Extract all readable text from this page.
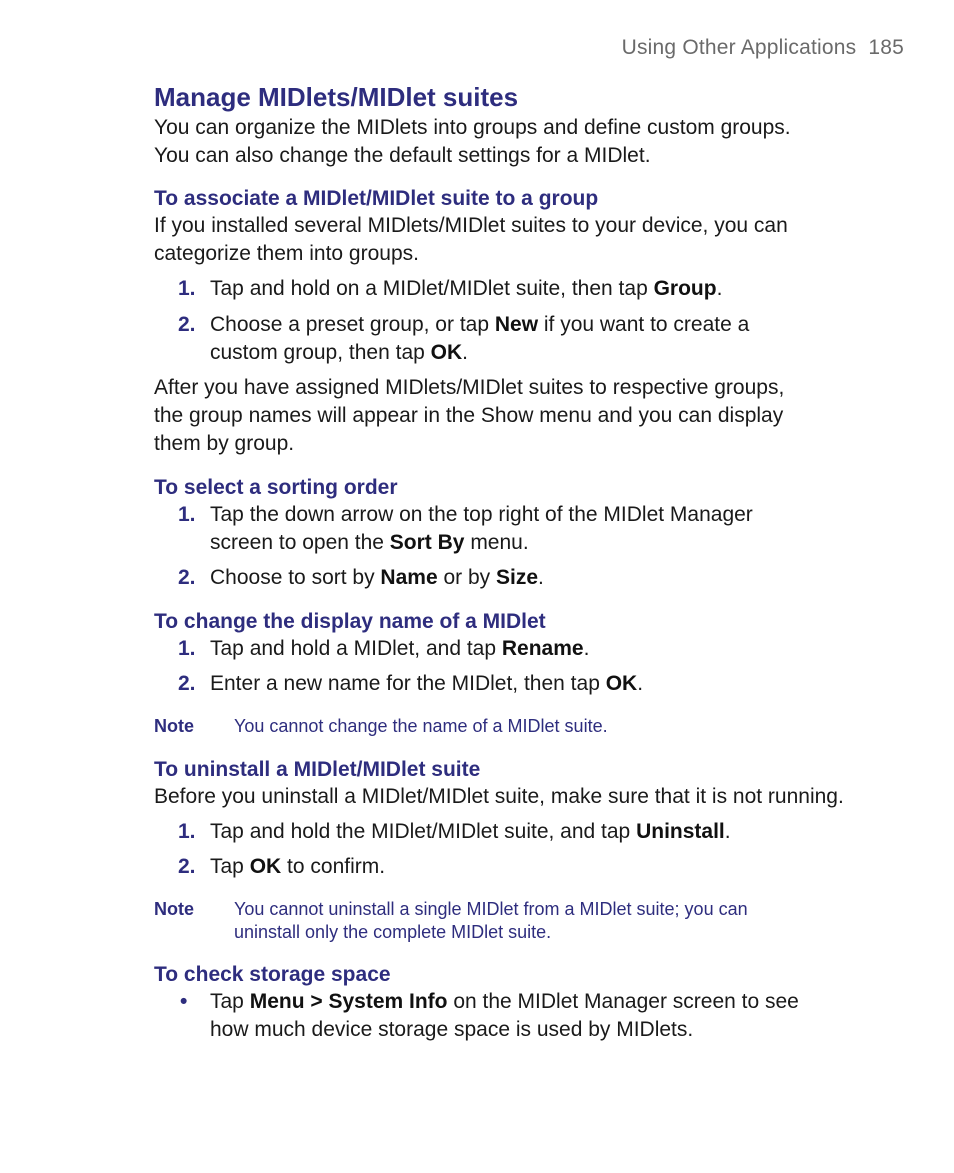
Using Other Applications 185
Manage MIDlets/MIDlet suites

You can organize the MIDlets into groups and define custom groups.
You can also change the default settings for a MIDlet.

To associate a MIDlet/MIDlet suite to a group

If you installed several MIDlets/MIDlet suites to your device, you can
categorize them into groups.

1. Tap and hold on a MIDlet/MIDlet suite, then tap Group.
2. Choose a preset group, or tap New if you want to create a
custom group, then tap OK.

After you have assigned MIDlets/MIDlet suites to respective groups,
the group names will appear in the Show menu and you can display
them by group.

To select a sorting order
1. Tap the down arrow on the top right of the MIDlet Manager
screen to open the Sort By menu.
2. Choose to sort by Name or by Size.
To change the display name of a MIDlet
1. Tap and hold a MIDlet, and tap Rename.
2. Enter a new name for the MIDlet, then tap OK.
Note	You cannot change the name of a MIDlet suite.
To uninstall a MIDlet/MIDlet suite

Before you uninstall a MIDlet/MIDlet suite, make sure that it is not running.

1. Tap and hold the MIDlet/MIDlet suite, and tap Uninstall.
2. Tap OK to confirm.
Note	You cannot uninstall a single MIDlet from a MIDlet suite; you can
uninstall only the complete MIDlet suite.
To check storage space
• Tap Menu > System Info on the MIDlet Manager screen to see
how much device storage space is used by MIDlets.
